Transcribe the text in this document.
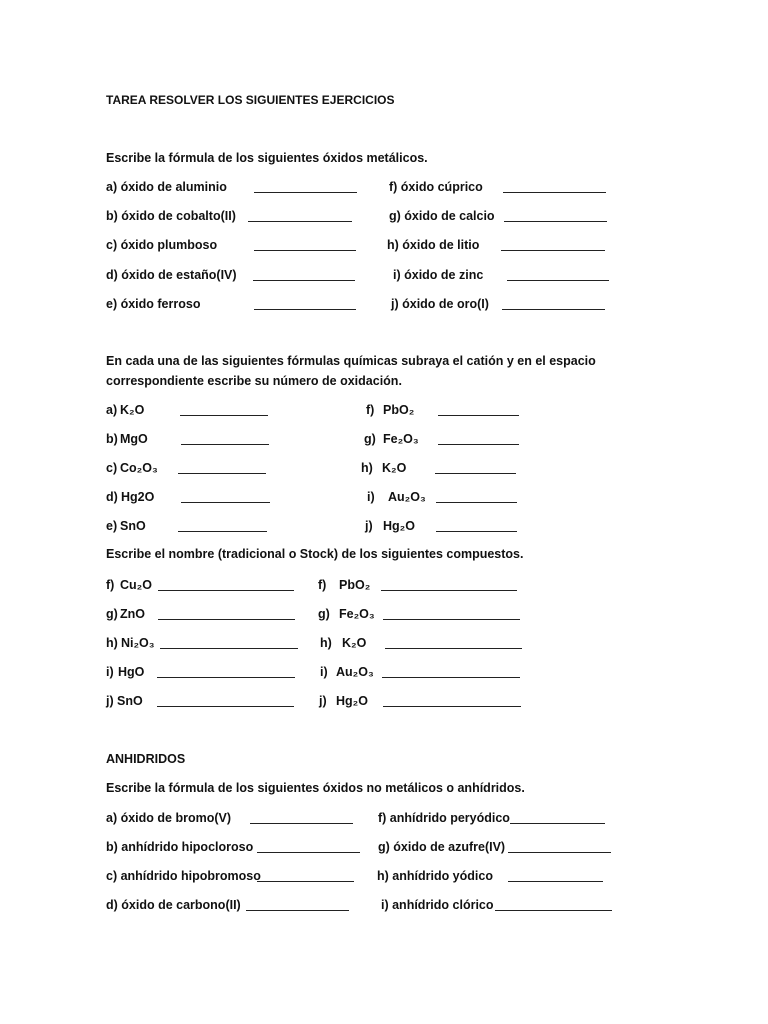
TAREA RESOLVER LOS SIGUIENTES EJERCICIOS
Escribe la fórmula de los siguientes óxidos metálicos.
a) óxido de aluminio	f) óxido cúprico
b) óxido de cobalto(II)	g) óxido de calcio
c) óxido plumboso	h) óxido de litio
d) óxido de estaño(IV)	i) óxido de zinc
e) óxido ferroso	j) óxido de oro(I)
En cada una de las siguientes fórmulas químicas subraya el catión y en el espacio
correspondiente escribe su número de oxidación.
a) K₂O	f) PbO₂
b) MgO	g) Fe₂O₃
c) Co₂O₃	h) K₂O
d) Hg2O	i) Au₂O₃
e) SnO	j) Hg₂O
Escribe el nombre (tradicional o Stock) de los siguientes compuestos.
f) Cu₂O	f) PbO₂
g) ZnO	g) Fe₂O₃
h) Ni₂O₃	h) K₂O
i) HgO	i) Au₂O₃
j) SnO	j) Hg₂O
ANHIDRIDOS
Escribe la fórmula de los siguientes óxidos no metálicos o anhídridos.
a) óxido de bromo(V)	f) anhídrido peryódico
b) anhídrido hipocloroso	g) óxido de azufre(IV)
c) anhídrido hipobromoso	h) anhídrido yódico
d) óxido de carbono(II)	i) anhídrido clórico
